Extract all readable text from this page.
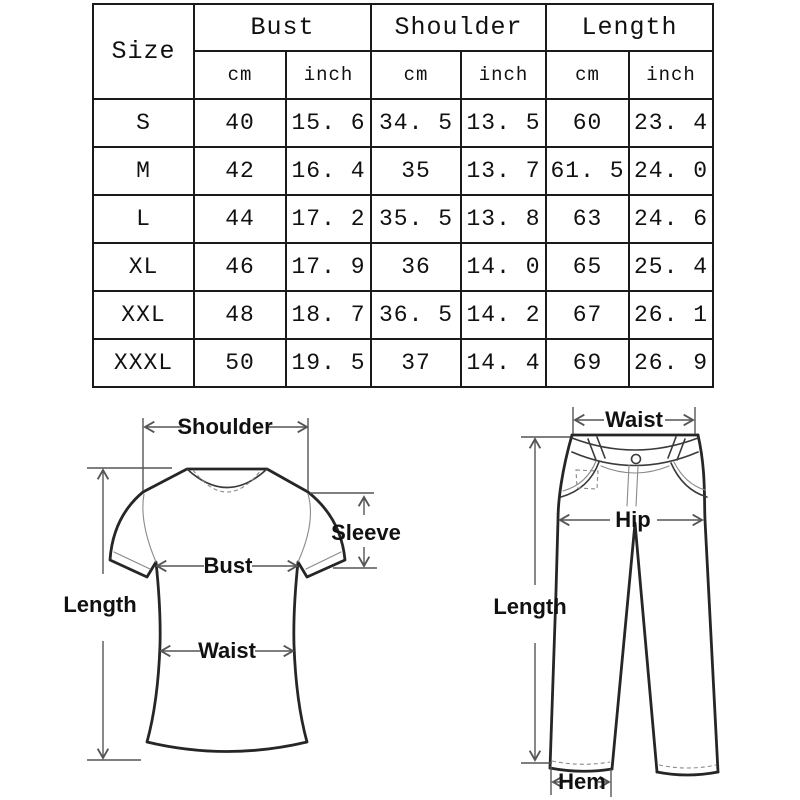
Size	Bust		Shoulder		Length	
	cm	inch	cm	inch	cm	inch
S	40	15. 6	34. 5	13. 5	60	23. 4
M	42	16. 4	35	13. 7	61. 5	24. 0
L	44	17. 2	35. 5	13. 8	63	24. 6
XL	46	17. 9	36	14. 0	65	25. 4
XXL	48	18. 7	36. 5	14. 2	67	26. 1
XXXL	50	19. 5	37	14. 4	69	26. 9
Shoulder
Length
Sleeve
Bust
Waist
Waist
Hip
Length
Hem
